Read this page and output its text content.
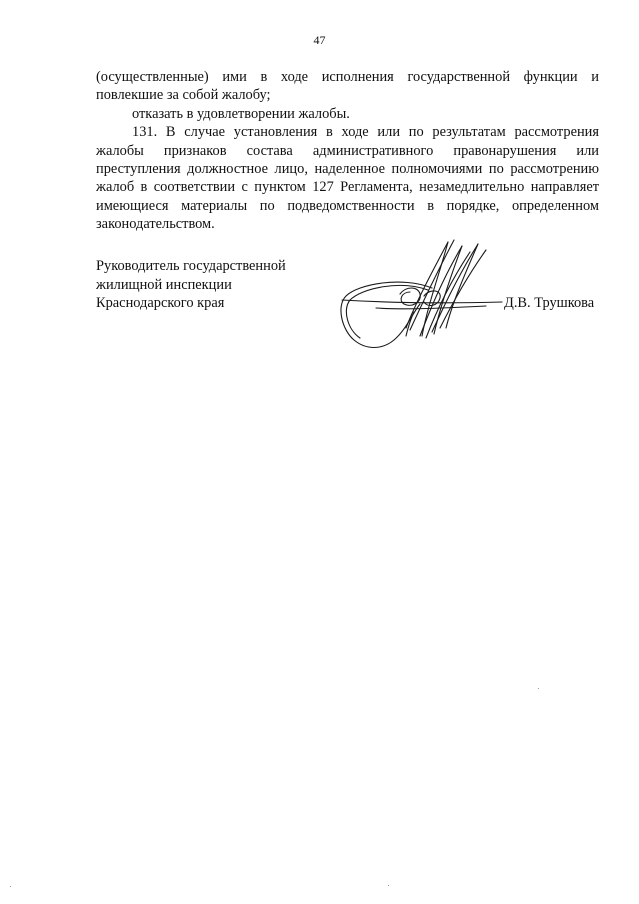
47

(осуществленные) ими в ходе исполнения государственной функции и повлекшие за собой жалобу;

отказать в удовлетворении жалобы.

131. В случае установления в ходе или по результатам рассмотрения жалобы признаков состава административного правонарушения или преступления должностное лицо, наделенное полномочиями по рассмотрению жалоб в соответствии с пунктом 127 Регламента, незамедлительно направляет имеющиеся материалы по подведомственности в порядке, определенном законодательством.

Руководитель государственной
жилищной инспекции
Краснодарского края	Д.В. Трушкова
